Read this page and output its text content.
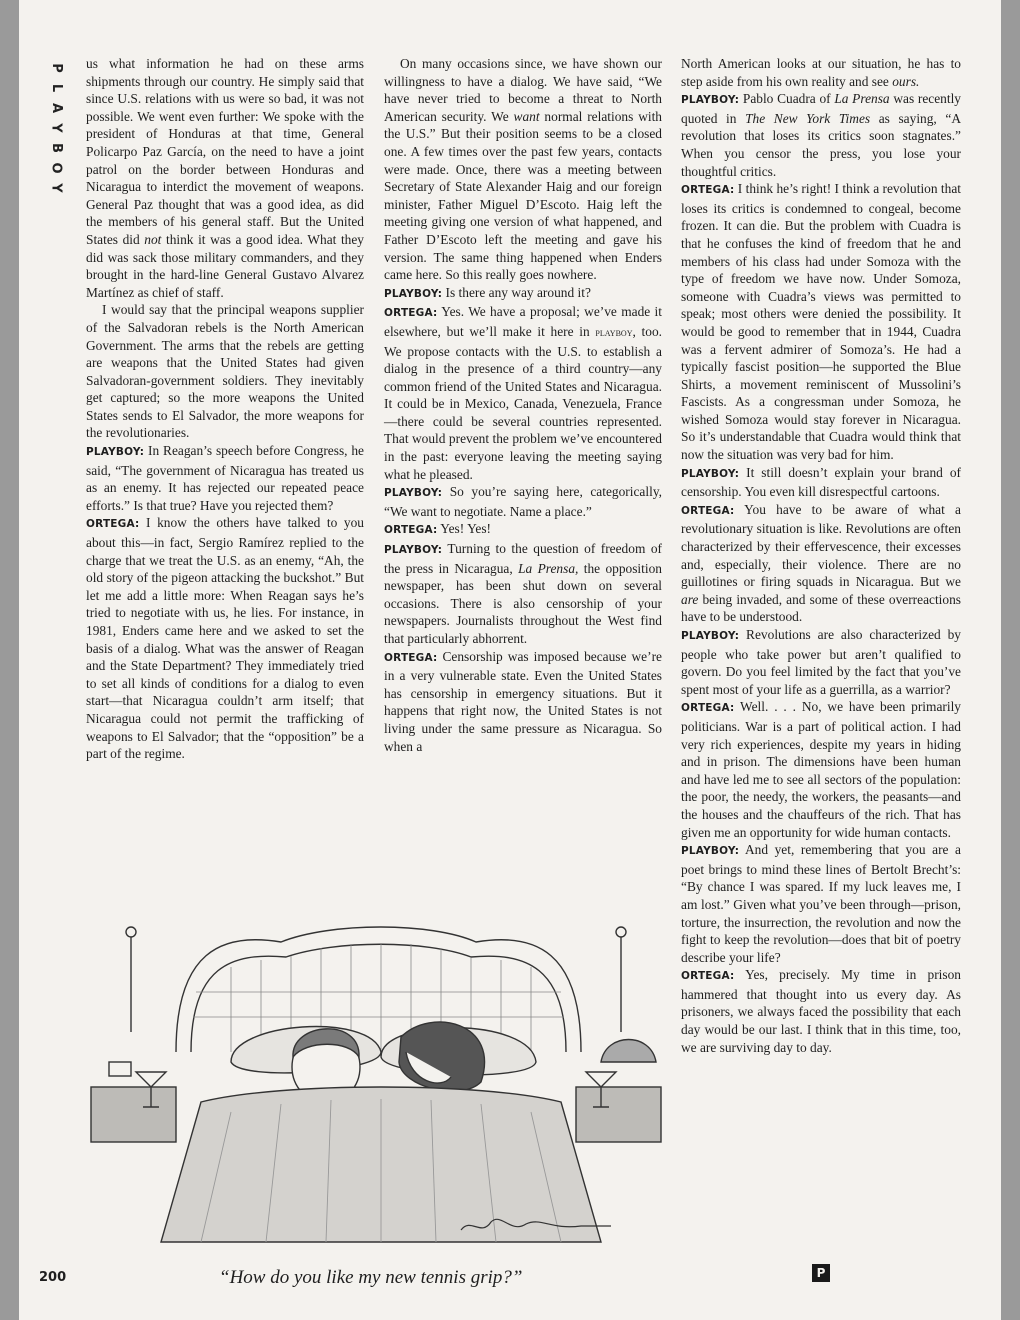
P
L
A
Y
B
O
Y

us what information he had on these arms shipments through our country. He simply said that since U.S. relations with us were so bad, it was not possible. We went even further: We spoke with the president of Honduras at that time, General Policarpo Paz García, on the need to have a joint patrol on the border between Honduras and Nicaragua to interdict the movement of weapons. General Paz thought that was a good idea, as did the members of his general staff. But the United States did not think it was a good idea. What they did was sack those military commanders, and they brought in the hard-line General Gustavo Alvarez Martínez as chief of staff.

I would say that the principal weapons supplier of the Salvadoran rebels is the North American Government. The arms that the rebels are getting are weapons that the United States had given Salvadoran-government soldiers. They inevitably get captured; so the more weapons the United States sends to El Salvador, the more weapons for the revolutionaries.

PLAYBOY: In Reagan’s speech before Congress, he said, “The government of Nicaragua has treated us as an enemy. It has rejected our repeated peace efforts.” Is that true? Have you rejected them?

ORTEGA: I know the others have talked to you about this—in fact, Sergio Ramírez replied to the charge that we treat the U.S. as an enemy, “Ah, the old story of the pigeon attacking the buckshot.” But let me add a little more: When Reagan says he’s tried to negotiate with us, he lies. For instance, in 1981, Enders came here and we asked to set the basis of a dialog. What was the answer of Reagan and the State Department? They immediately tried to set all kinds of conditions for a dialog to even start—that Nicaragua couldn’t arm itself; that Nicaragua could not permit the trafficking of weapons to El Salvador; that the “opposition” be a part of the regime.

On many occasions since, we have shown our willingness to have a dialog. We have said, “We have never tried to become a threat to North American security. We want normal relations with the U.S.” But their position seems to be a closed one. A few times over the past few years, contacts were made. Once, there was a meeting between Secretary of State Alexander Haig and our foreign minister, Father Miguel D’Escoto. Haig left the meeting giving one version of what happened, and Father D’Escoto left the meeting and gave his version. The same thing happened when Enders came here. So this really goes nowhere.

PLAYBOY: Is there any way around it?

ORTEGA: Yes. We have a proposal; we’ve made it elsewhere, but we’ll make it here in playboy, too. We propose contacts with the U.S. to establish a dialog in the presence of a third country—any common friend of the United States and Nicaragua. It could be in Mexico, Canada, Venezuela, France—there could be several countries represented. That would prevent the problem we’ve encountered in the past: everyone leaving the meeting saying what he pleased.

PLAYBOY: So you’re saying here, categorically, “We want to negotiate. Name a place.”

ORTEGA: Yes! Yes!

PLAYBOY: Turning to the question of freedom of the press in Nicaragua, La Prensa, the opposition newspaper, has been shut down on several occasions. There is also censorship of your newspapers. Journalists throughout the West find that particularly abhorrent.

ORTEGA: Censorship was imposed because we’re in a very vulnerable state. Even the United States has censorship in emergency situations. But it happens that right now, the United States is not living under the same pressure as Nicaragua. So when a

North American looks at our situation, he has to step aside from his own reality and see ours.

PLAYBOY: Pablo Cuadra of La Prensa was recently quoted in The New York Times as saying, “A revolution that loses its critics soon stagnates.” When you censor the press, you lose your thoughtful critics.

ORTEGA: I think he’s right! I think a revolution that loses its critics is condemned to congeal, become frozen. It can die. But the problem with Cuadra is that he confuses the kind of freedom that he and members of his class had under Somoza with the type of freedom we have now. Under Somoza, someone with Cuadra’s views was permitted to speak; most others were denied the possibility. It would be good to remember that in 1944, Cuadra was a fervent admirer of Somoza’s. He had a typically fascist position—he supported the Blue Shirts, a movement reminiscent of Mussolini’s Fascists. As a congressman under Somoza, he wished Somoza would stay forever in Nicaragua. So it’s understandable that Cuadra would think that now the situation was very bad for him.

PLAYBOY: It still doesn’t explain your brand of censorship. You even kill disrespectful cartoons.

ORTEGA: You have to be aware of what a revolutionary situation is like. Revolutions are often characterized by their effervescence, their excesses and, especially, their violence. There are no guillotines or firing squads in Nicaragua. But we are being invaded, and some of these overreactions have to be understood.

PLAYBOY: Revolutions are also characterized by people who take power but aren’t qualified to govern. Do you feel limited by the fact that you’ve spent most of your life as a guerrilla, as a warrior?

ORTEGA: Well. . . . No, we have been primarily politicians. War is a part of political action. I had very rich experiences, despite my years in hiding and in prison. The dimensions have been human and have led me to see all sectors of the population: the poor, the needy, the workers, the peasants—and the houses and the chauffeurs of the rich. That has given me an opportunity for wide human contacts.

PLAYBOY: And yet, remembering that you are a poet brings to mind these lines of Bertolt Brecht’s: “By chance I was spared. If my luck leaves me, I am lost.” Given what you’ve been through—prison, torture, the insurrection, the revolution and now the fight to keep the revolution—does that bit of poetry describe your life?

ORTEGA: Yes, precisely. My time in prison hammered that thought into us every day. As prisoners, we always faced the possibility that each day would be our last. I think that in this time, too, we are surviving day to day.

“How do you like my new tennis grip?”
200	P
